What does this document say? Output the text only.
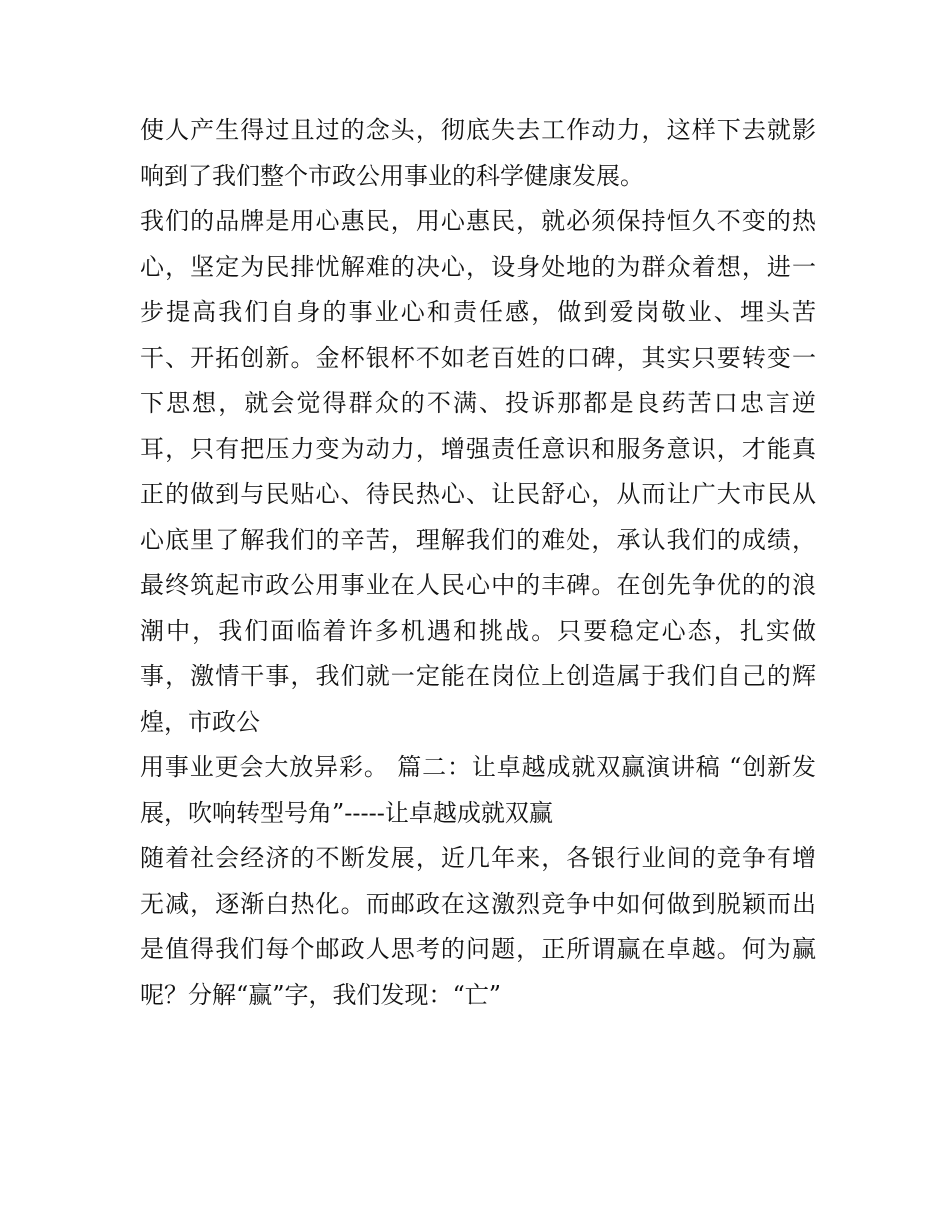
使人产生得过且过的念头，彻底失去工作动力，这样下去就影
响到了我们整个市政公用事业的科学健康发展。
我们的品牌是用心惠民，用心惠民，就必须保持恒久不变的热
心，坚定为民排忧解难的决心，设身处地的为群众着想，进一
步提高我们自身的事业心和责任感，做到爱岗敬业、埋头苦
干、开拓创新。金杯银杯不如老百姓的口碑，其实只要转变一
下思想，就会觉得群众的不满、投诉那都是良药苦口忠言逆
耳，只有把压力变为动力，增强责任意识和服务意识，才能真
正的做到与民贴心、待民热心、让民舒心，从而让广大市民从
心底里了解我们的辛苦，理解我们的难处，承认我们的成绩，
最终筑起市政公用事业在人民心中的丰碑。在创先争优的的浪
潮中，我们面临着许多机遇和挑战。只要稳定心态，扎实做
事，激情干事，我们就一定能在岗位上创造属于我们自己的辉
煌，市政公
用事业更会大放异彩。 篇二：让卓越成就双赢演讲稿 “创新发
展，吹响转型号角”-----让卓越成就双赢
随着社会经济的不断发展，近几年来，各银行业间的竞争有增
无减，逐渐白热化。而邮政在这激烈竞争中如何做到脱颖而出
是值得我们每个邮政人思考的问题，正所谓赢在卓越。何为赢
呢？分解“赢”字，我们发现：“亡”
